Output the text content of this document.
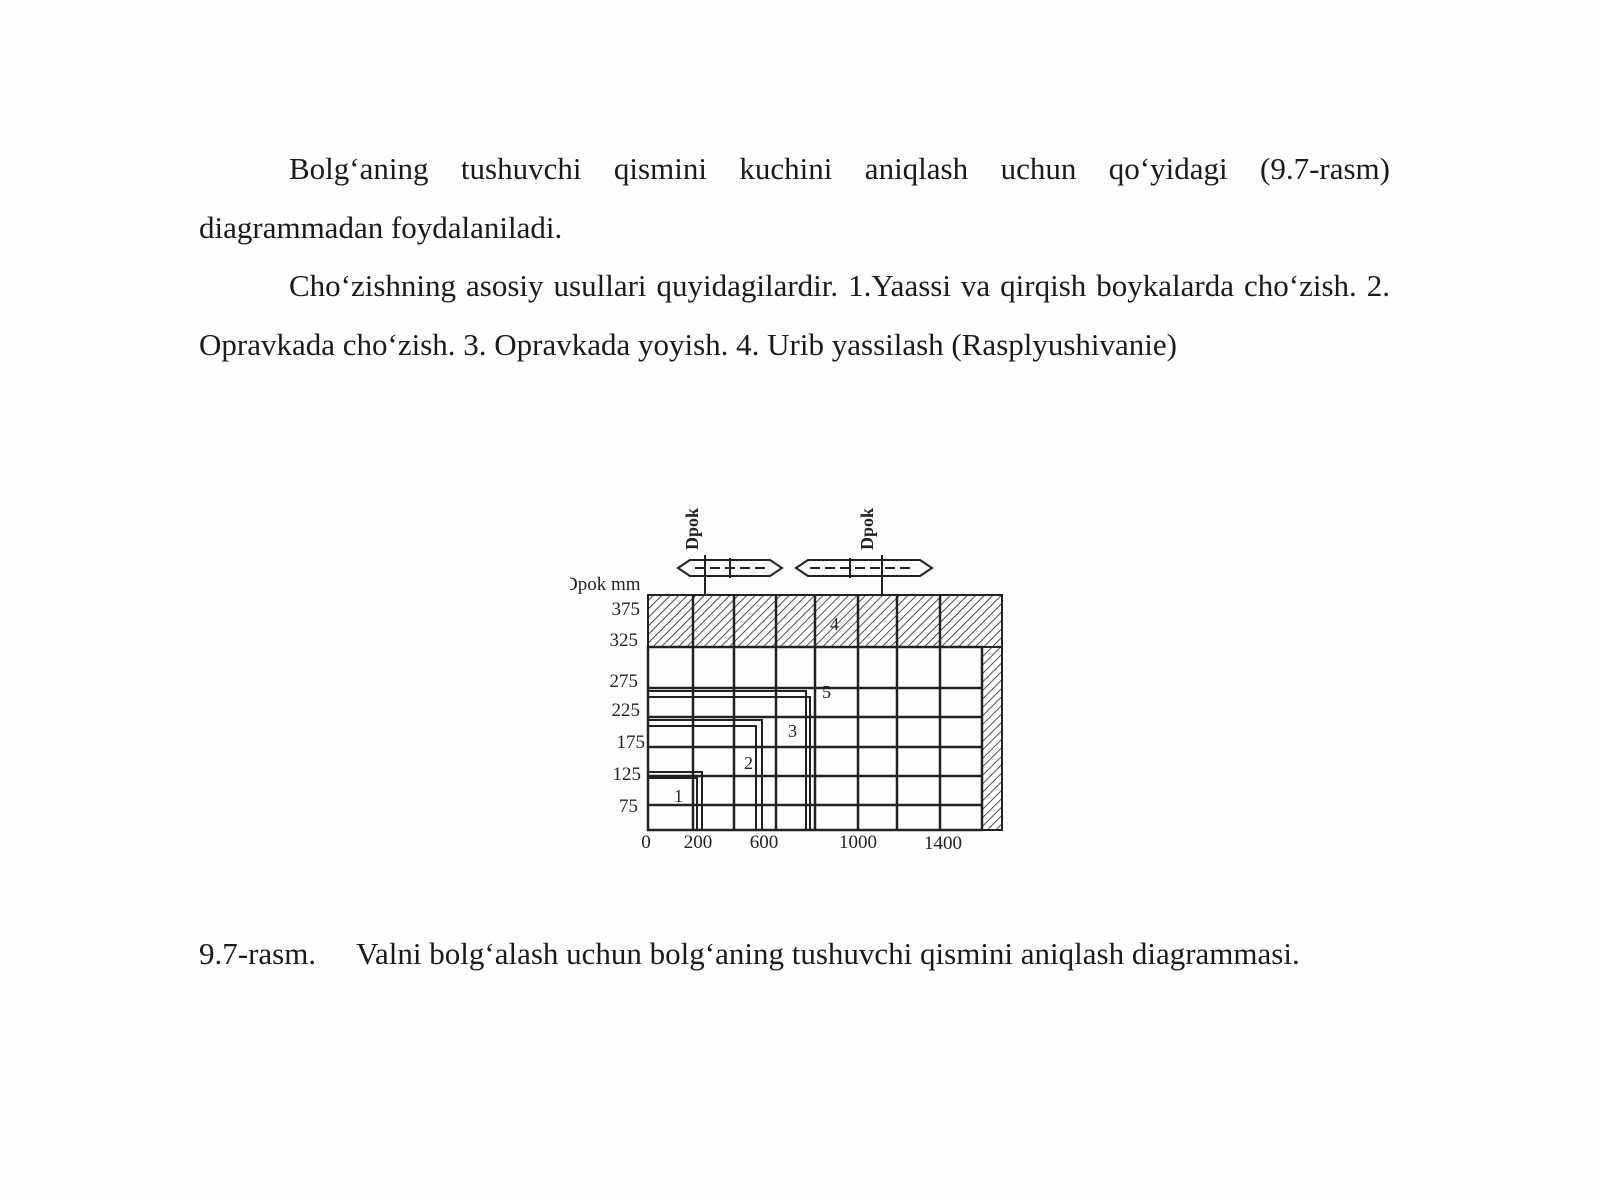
Bolg‘aning tushuvchi qismini kuchini aniqlash uchun qo‘yidagi (9.7-rasm) diagrammadan foydalaniladi.

Cho‘zishning asosiy usullari quyidagilardir. 1.Yaassi va qirqish boykalarda cho‘zish. 2. Opravkada cho‘zish. 3. Opravkada yoyish. 4. Urib yassilash (Rasplyushivanie)

Dpok	Dpok
Dpok mm
1
2
3
5
4
375
325
275
225
175
125
75
0 200 600	1000 1400

9.7-rasm. Valni bolg‘alash uchun bolg‘aning tushuvchi qismini aniqlash diagrammasi.
